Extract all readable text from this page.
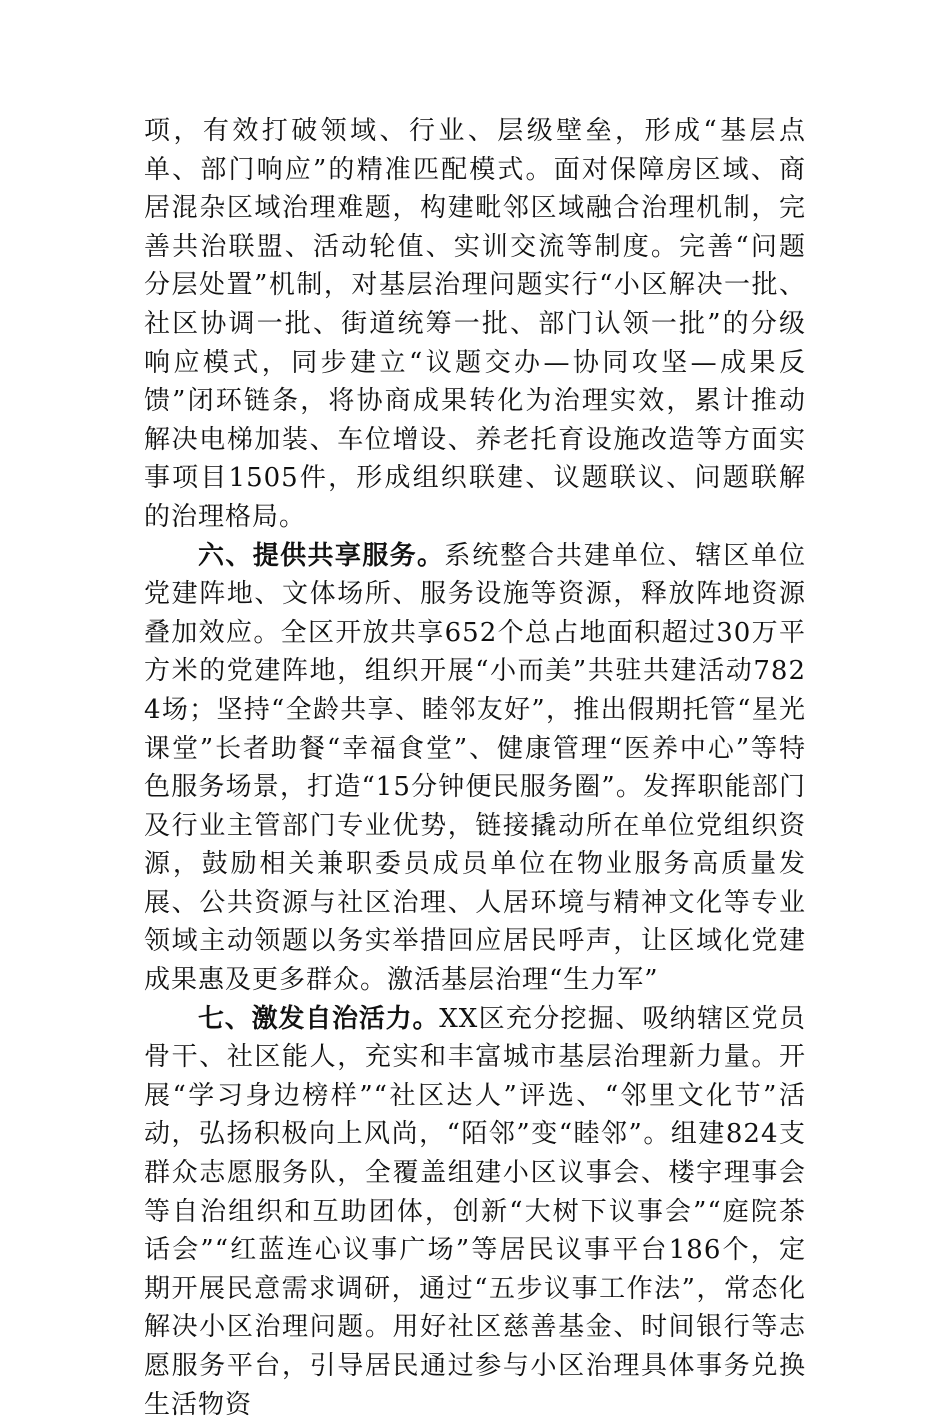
项，有效打破领域、行业、层级壁垒，形成“基层点单、部门响应”的精准匹配模式。面对保障房区域、商居混杂区域治理难题，构建毗邻区域融合治理机制，完善共治联盟、活动轮值、实训交流等制度。完善“问题分层处置”机制，对基层治理问题实行“小区解决一批、社区协调一批、街道统筹一批、部门认领一批”的分级响应模式，同步建立“议题交办—协同攻坚—成果反馈”闭环链条，将协商成果转化为治理实效，累计推动解决电梯加装、车位增设、养老托育设施改造等方面实事项目1505件，形成组织联建、议题联议、问题联解的治理格局。

六、提供共享服务。系统整合共建单位、辖区单位党建阵地、文体场所、服务设施等资源，释放阵地资源叠加效应。全区开放共享652个总占地面积超过30万平方米的党建阵地，组织开展“小而美”共驻共建活动7824场；坚持“全龄共享、睦邻友好”，推出假期托管“星光课堂”长者助餐“幸福食堂”、健康管理“医养中心”等特色服务场景，打造“15分钟便民服务圈”。发挥职能部门及行业主管部门专业优势，链接撬动所在单位党组织资源，鼓励相关兼职委员成员单位在物业服务高质量发展、公共资源与社区治理、人居环境与精神文化等专业领域主动领题以务实举措回应居民呼声，让区域化党建成果惠及更多群众。激活基层治理“生力军”

七、激发自治活力。XX区充分挖掘、吸纳辖区党员骨干、社区能人，充实和丰富城市基层治理新力量。开展“学习身边榜样”“社区达人”评选、“邻里文化节”活动，弘扬积极向上风尚，“陌邻”变“睦邻”。组建824支群众志愿服务队，全覆盖组建小区议事会、楼宇理事会等自治组织和互助团体，创新“大树下议事会”“庭院茶话会”“红蓝连心议事广场”等居民议事平台186个，定期开展民意需求调研，通过“五步议事工作法”，常态化解决小区治理问题。用好社区慈善基金、时间银行等志愿服务平台，引导居民通过参与小区治理具体事务兑换生活物资
